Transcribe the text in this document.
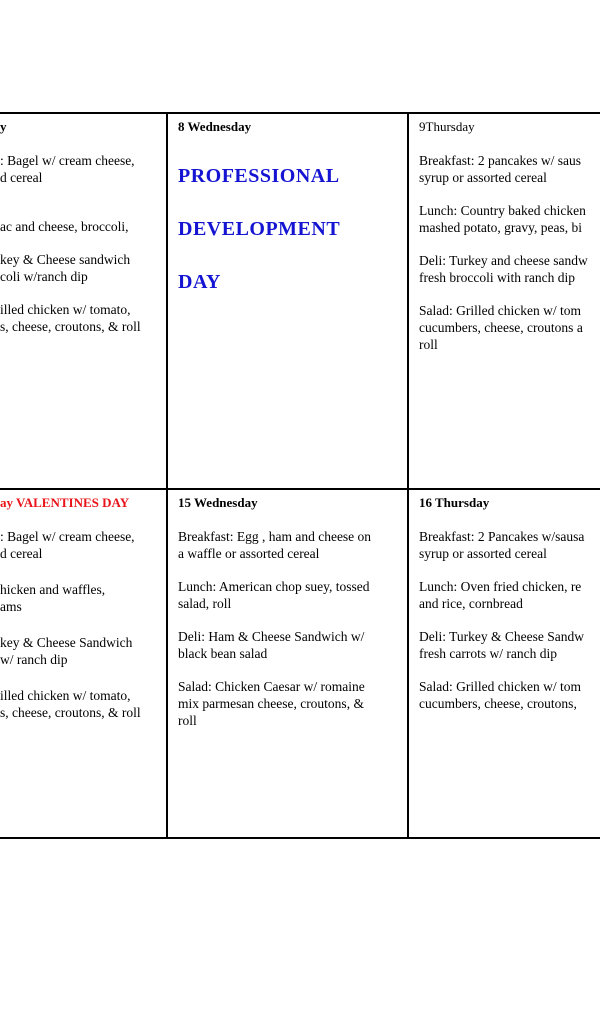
y
: Bagel w/ cream cheese,
d cereal
ac and cheese, broccoli,
key & Cheese sandwich
coli w/ranch dip
illed chicken w/ tomato,
s, cheese, croutons, & roll
8 Wednesday
PROFESSIONAL
DEVELOPMENT
DAY
9Thursday
Breakfast: 2 pancakes w/ saus
syrup or assorted cereal
Lunch: Country baked chicken
mashed potato, gravy, peas, bi
Deli: Turkey and cheese sandw
fresh broccoli with ranch dip
Salad: Grilled chicken w/ tom
cucumbers, cheese, croutons a
roll
ay VALENTINES DAY
: Bagel w/ cream cheese,
d cereal
hicken and waffles,
ams
key & Cheese Sandwich
w/ ranch dip
illed chicken w/ tomato,
s, cheese, croutons, & roll
15 Wednesday
Breakfast: Egg , ham and cheese on
a waffle or assorted cereal
Lunch: American chop suey, tossed
salad, roll
Deli: Ham & Cheese Sandwich w/
black bean salad
Salad: Chicken Caesar w/ romaine
mix parmesan cheese, croutons, &
roll
16 Thursday
Breakfast: 2 Pancakes w/sausa
syrup or assorted cereal
Lunch: Oven fried chicken, re
and rice, cornbread

Deli: Turkey & Cheese Sandw
fresh carrots w/ ranch dip
Salad: Grilled chicken w/ tom
cucumbers, cheese, croutons,
